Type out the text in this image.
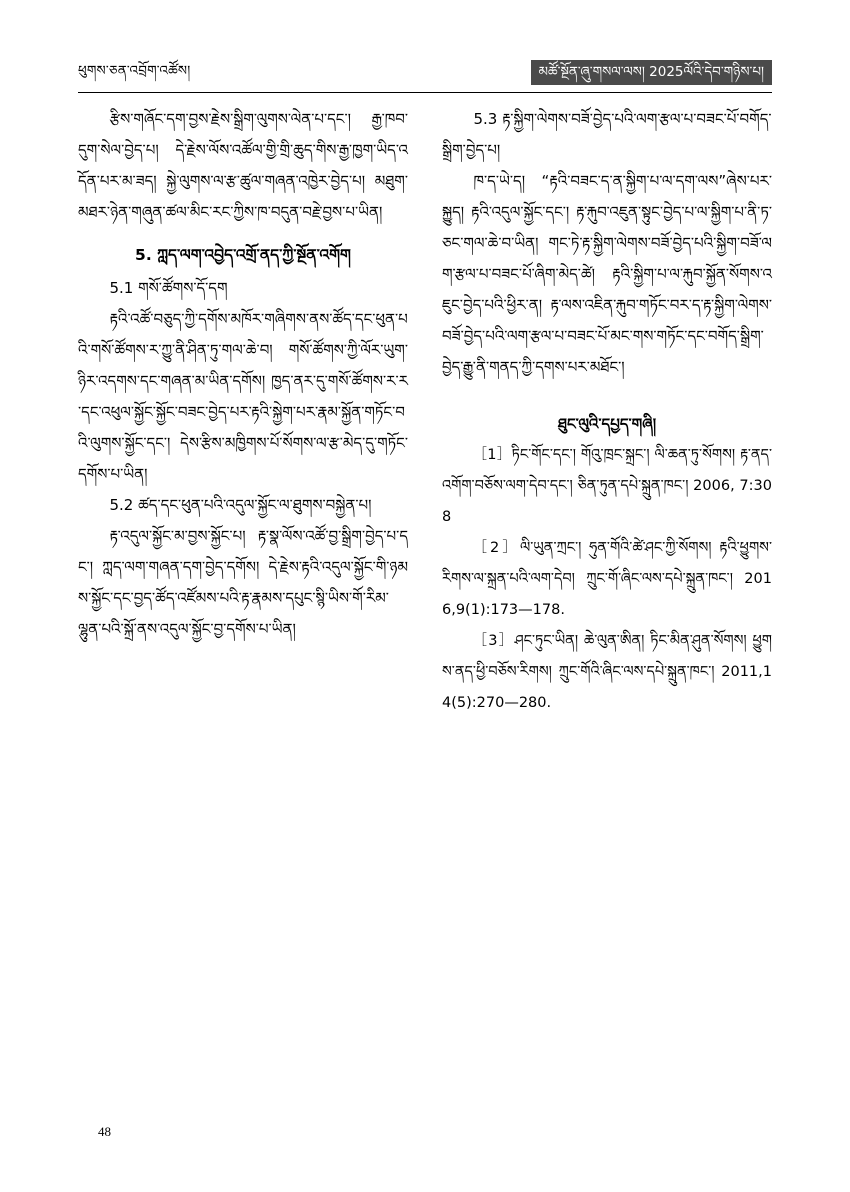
ཕུགས་ཅན་འབྲོག་འཚོས།	མཚོ་སྔོན་ཞུ་གསལ་ལས། 2025ལོའི་དེབ་གཉིས་པ།

རྩིས་གཞོང་དག་བྱས་རྗེས་སྒྲིག་ལུགས་ལེན་པ་དང་། རྒྱ་ཁབ་དུག་སེལ་བྱེད་པ། དེ་རྗེས་ལོས་འཚོལ་གྱི་གྲི་ཆུད་གིས་རྒྱ་ཁྱག་ཡིད་འདོན་པར་མ་ཟད། སྐྱེ་ལུགས་ལ་རྩ་ཚུལ་གཞན་འཁྱེར་བྱེད་པ། མཐུག་མཐར་ཉེན་གཞུན་ཚལ་མིང་རང་ཀྱིས་ཁ་བདུན་བརྗེ་བྱས་པ་ཡིན།

5. ཀླད་ལག་འབྱེད་འགྲོ་ནད་ཀྱི་སྔོན་འགོག
5.1 གསོ་ཚོགས་དོ་དག

རྟའི་འཚོ་བཅུད་ཀྱི་དགོས་མཁོར་གཞིགས་ནས་ཚོད་དང་ཕུན་པའི་གསོ་ཚོགས་ར་ཀྱུ་ནི་ཤིན་ཏུ་གལ་ཆེ་བ། གསོ་ཚོགས་ཀྱི་ལོར་ཡུག་ཉིར་འདགས་དང་གཞན་མ་ཡིན་དགོས། ཁྱད་ནར་དུ་གསོ་ཚོགས་ར་ར་དང་འཕུལ་སྐྱོང་སྐྱོང་བཟང་བྱེད་པར་རྟའི་སྐྱེག་པར་རྣམ་སྐྱོན་གཏོང་བའི་ལུགས་སྐྱོང་དང་། དེས་རྩིས་མཁྱིགས་པོ་སོགས་ལ་རྩ་མེད་དུ་གཏོང་དགོས་པ་ཡིན།

5.2 ཚད་དང་ཕུན་པའི་འདུལ་སྐྱོང་ལ་ཐུགས་བསྐྱེན་པ།

རྟ་འདུལ་སྐྱོང་མ་བྱས་སྐྱོང་པ། རྟ་སྣ་ལོས་འཚོ་བྱ་སྒྲིག་བྱེད་པ་དང་། ཀླད་ལག་གཞན་དག་བྱེད་དགོས། དེ་རྗེས་རྟའི་འདུལ་སྐྱོང་གི་ཉམས་སྐྱོང་དང་བྱད་ཚོད་འཛོམས་པའི་རྟ་རྣམས་དཔུང་སྙི་ཡིས་གོ་རིམ་ལྷུན་པའི་སྐྲོ་ནས་འདུལ་སྐྱོང་བྱ་དགོས་པ་ཡིན།

5.3 རྟ་སྐྱིག་ལེགས་བཟོ་བྱེད་པའི་ལག་རྩལ་པ་བཟང་པོ་བགོད་སྒྲིག་བྱེད་པ།

ཁ་ད་ཡེ་ད། “རྟའི་བཟང་ད་ན་སྐྱིག་པ་ལ་དག་ལས”ཞེས་པར་སྐྱུད། རྟའི་འདུལ་སྐྱོང་དང་། རྟ་རྐུབ་འཇུན་སྟུང་བྱེད་པ་ལ་སྐྱིག་པ་ནི་ཏ་ཅང་གལ་ཆེ་བ་ཡིན། གང་ཏེ་རྟ་སྐྱིག་ལེགས་བཟོ་བྱེད་པའི་སྐྱིག་བཟོ་ལག་རྩལ་པ་བཟང་པོ་ཞིག་མེད་ཚེ། རྟའི་སྐྱིག་པ་ལ་རྐུབ་སྐྱོན་སོགས་འཇུང་བྱེད་པའི་ཕྱིར་ན། རྟ་ལས་འཇིན་རྐུབ་གཏོང་བར་ད་རྟ་སྐྱིག་ལེགས་བཟོ་བྱེད་པའི་ལག་རྩལ་པ་བཟང་པོ་མང་གས་གཏོང་དང་བགོད་སྒྲིག་བྱེད་རྒྱུ་ནི་གནད་ཀྱི་དགས་པར་མཐོང་།

ཐུང་ལུའི་དཔྱད་གཞི།

［1］ཏིང་གོང་དང་། གོའུ་ཁྲང་སྐྲང་། ལི་ཆན་ཏུ་སོགས། རྟ་ནད་འགོག་བཅོས་ལག་དེབ་དང་། ཅིན་ཏུན་དཔེ་སྐྲུན་ཁང་། 2006, 7:308

［2］ལི་ཡུན་ཀྲང་། ཧུན་གོའི་ཚེ་ཤང་ཀྱི་སོགས། རྟའི་ཕྱུགས་རིགས་ལ་སྐྲན་པའི་ལག་དེབ། ཀྲུང་གོ་ཞིང་ལས་དཔེ་སྐྲུན་ཁང་། 2016,9(1):173—178.

［3］ཤང་ཏུང་ཡིན། ཆེ་ལུན་ཨིན། ཏིང་མིན་ཤུན་སོགས། ཕྱུགས་ནད་ཕྱི་བཅོས་རིགས། ཀྲུང་གོའི་ཞིང་ལས་དཔེ་སྐྲུན་ཁང་། 2011,14(5):270—280.

48
